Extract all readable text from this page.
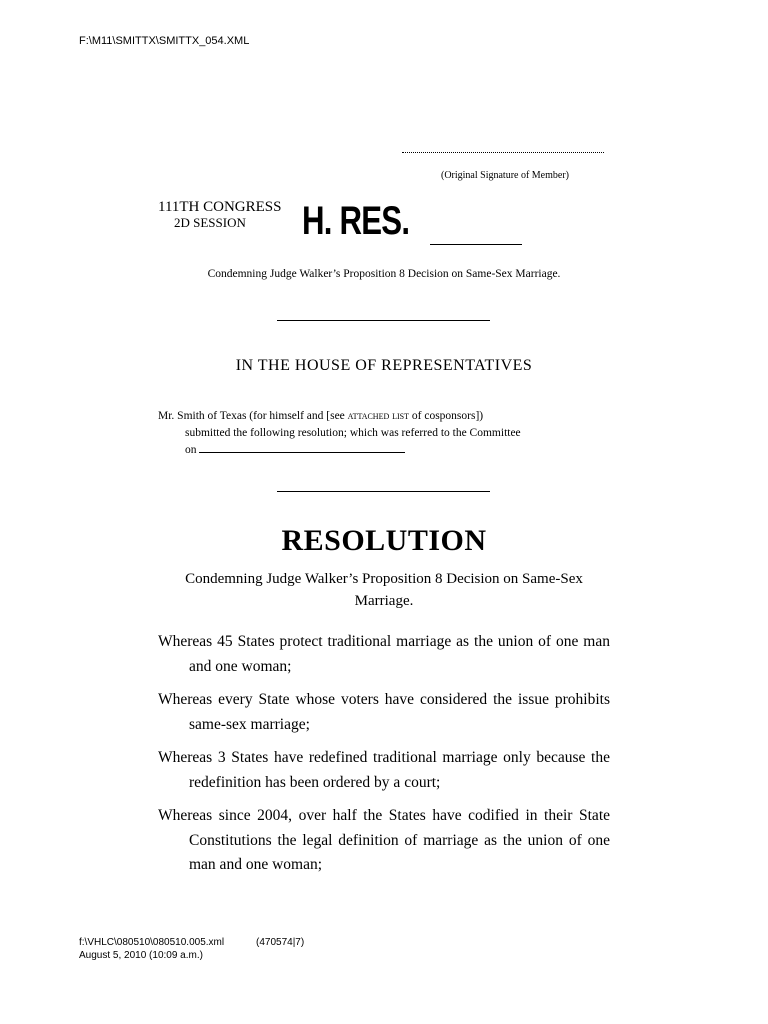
F:\M11\SMITTX\SMITTX_054.XML
(Original Signature of Member)
111TH CONGRESS
2D SESSION H. RES.
Condemning Judge Walker’s Proposition 8 Decision on Same-Sex Marriage.
IN THE HOUSE OF REPRESENTATIVES
Mr. Smith of Texas (for himself and [see attached list of cosponsors])
submitted the following resolution; which was referred to the Committee
on
RESOLUTION
Condemning Judge Walker’s Proposition 8 Decision on Same-Sex Marriage.
Whereas 45 States protect traditional marriage as the union of one man and one woman;
Whereas every State whose voters have considered the issue prohibits same-sex marriage;
Whereas 3 States have redefined traditional marriage only because the redefinition has been ordered by a court;
Whereas since 2004, over half the States have codified in their State Constitutions the legal definition of marriage as the union of one man and one woman;
f:\VHLC\080510\080510.005.xml	(470574|7)
August 5, 2010 (10:09 a.m.)
